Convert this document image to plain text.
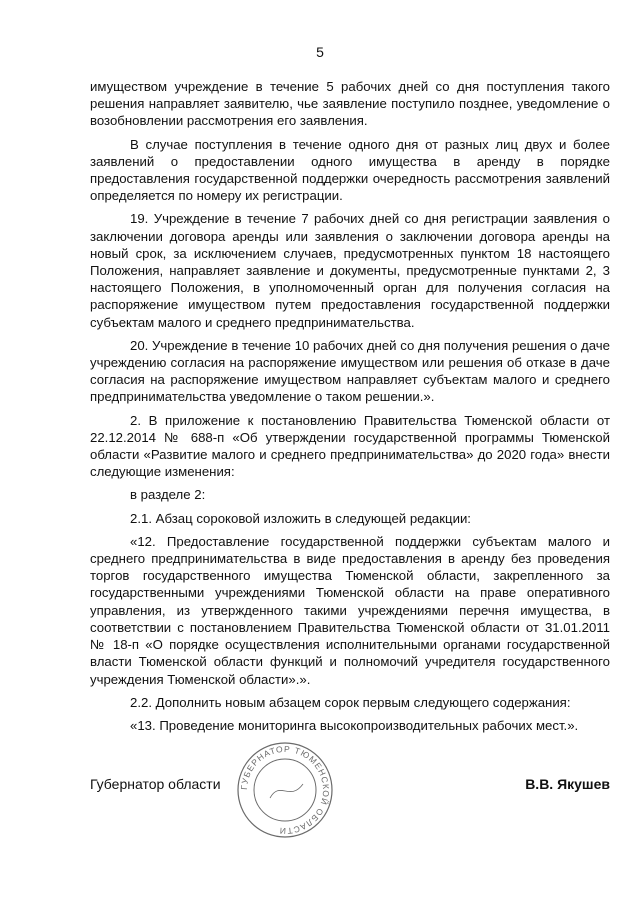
5

имуществом учреждение в течение 5 рабочих дней со дня поступления такого решения направляет заявителю, чье заявление поступило позднее, уведомление о возобновлении рассмотрения его заявления.

В случае поступления в течение одного дня от разных лиц двух и более заявлений о предоставлении одного имущества в аренду в порядке предоставления государственной поддержки очередность рассмотрения заявлений определяется по номеру их регистрации.

19. Учреждение в течение 7 рабочих дней со дня регистрации заявления о заключении договора аренды или заявления о заключении договора аренды на новый срок, за исключением случаев, предусмотренных пунктом 18 настоящего Положения, направляет заявление и документы, предусмотренные пунктами 2, 3 настоящего Положения, в уполномоченный орган для получения согласия на распоряжение имуществом путем предоставления государственной поддержки субъектам малого и среднего предпринимательства.

20. Учреждение в течение 10 рабочих дней со дня получения решения о даче учреждению согласия на распоряжение имуществом или решения об отказе в даче согласия на распоряжение имуществом направляет субъектам малого и среднего предпринимательства уведомление о таком решении.».

2. В приложение к постановлению Правительства Тюменской области от 22.12.2014 № 688-п «Об утверждении государственной программы Тюменской области «Развитие малого и среднего предпринимательства» до 2020 года» внести следующие изменения:

в разделе 2:

2.1. Абзац сороковой изложить в следующей редакции:

«12. Предоставление государственной поддержки субъектам малого и среднего предпринимательства в виде предоставления в аренду без проведения торгов государственного имущества Тюменской области, закрепленного за государственными учреждениями Тюменской области на праве оперативного управления, из утвержденного такими учреждениями перечня имущества, в соответствии с постановлением Правительства Тюменской области от 31.01.2011 № 18-п «О порядке осуществления исполнительными органами государственной власти Тюменской области функций и полномочий учредителя государственного учреждения Тюменской области».».

2.2. Дополнить новым абзацем сорок первым следующего содержания:

«13. Проведение мониторинга высокопроизводительных рабочих мест.».

Губернатор области ГУБЕРНАТОР ТЮМЕНСКОЙ ОБЛАСТИ
В.В. Якушев
